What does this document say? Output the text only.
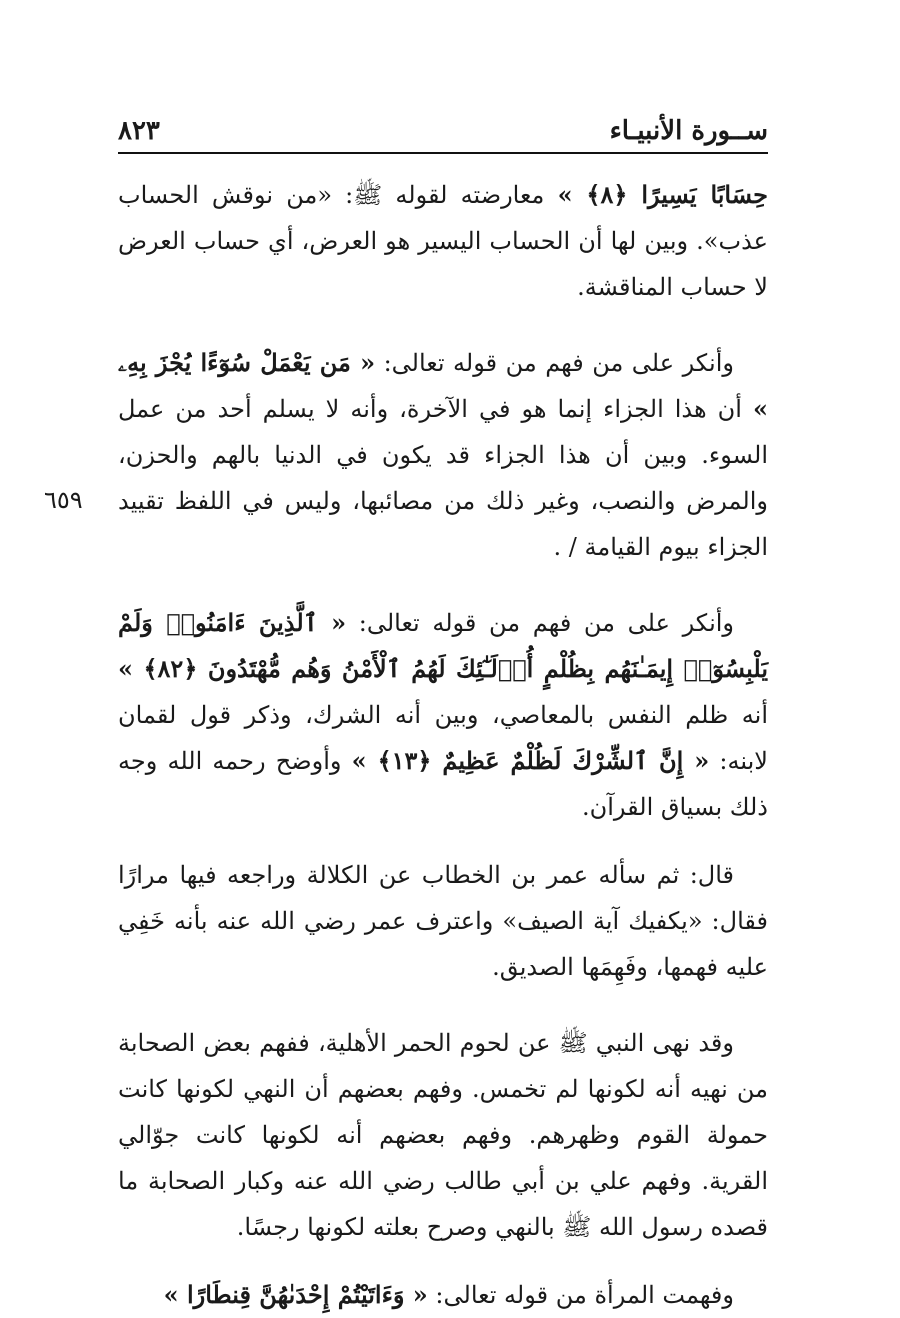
ســورة الأنبيـاء
٨٢٣
٦٥٩

حِسَابًا يَسِيرًا ﴿٨﴾ » معارضته لقوله ﷺ: «من نوقش الحساب عذب». وبين لها أن الحساب اليسير هو العرض، أي حساب العرض لا حساب المناقشة.

وأنكر على من فهم من قوله تعالى: « مَن يَعْمَلْ سُوٓءًا يُجْزَ بِهِۦ » أن هذا الجزاء إنما هو في الآخرة، وأنه لا يسلم أحد من عمل السوء. وبين أن هذا الجزاء قد يكون في الدنيا بالهم والحزن، والمرض والنصب، وغير ذلك من مصائبها، وليس في اللفظ تقييد الجزاء بيوم القيامة / .

وأنكر على من فهم من قوله تعالى: « ٱلَّذِينَ ءَامَنُوا۟ وَلَمْ يَلْبِسُوٓا۟ إِيمَـٰنَهُم بِظُلْمٍ أُو۟لَـٰٓئِكَ لَهُمُ ٱلْأَمْنُ وَهُم مُّهْتَدُونَ ﴿٨٢﴾ » أنه ظلم النفس بالمعاصي، وبين أنه الشرك، وذكر قول لقمان لابنه: « إِنَّ ٱلشِّرْكَ لَظُلْمٌ عَظِيمٌ ﴿١٣﴾ » وأوضح رحمه الله وجه ذلك بسياق القرآن.

قال: ثم سأله عمر بن الخطاب عن الكلالة وراجعه فيها مرارًا فقال: «يكفيك آية الصيف» واعترف عمر رضي الله عنه بأنه خَفِي عليه فهمها، وفَهِمَها الصديق.

وقد نهى النبي ﷺ عن لحوم الحمر الأهلية، ففهم بعض الصحابة من نهيه أنه لكونها لم تخمس. وفهم بعضهم أن النهي لكونها كانت حمولة القوم وظهرهم. وفهم بعضهم أنه لكونها كانت جوّالي القرية. وفهم علي بن أبي طالب رضي الله عنه وكبار الصحابة ما قصده رسول الله ﷺ بالنهي وصرح بعلته لكونها رجسًا.

وفهمت المرأة من قوله تعالى: « وَءَاتَيْتُمْ إِحْدَىٰهُنَّ قِنطَارًا »
